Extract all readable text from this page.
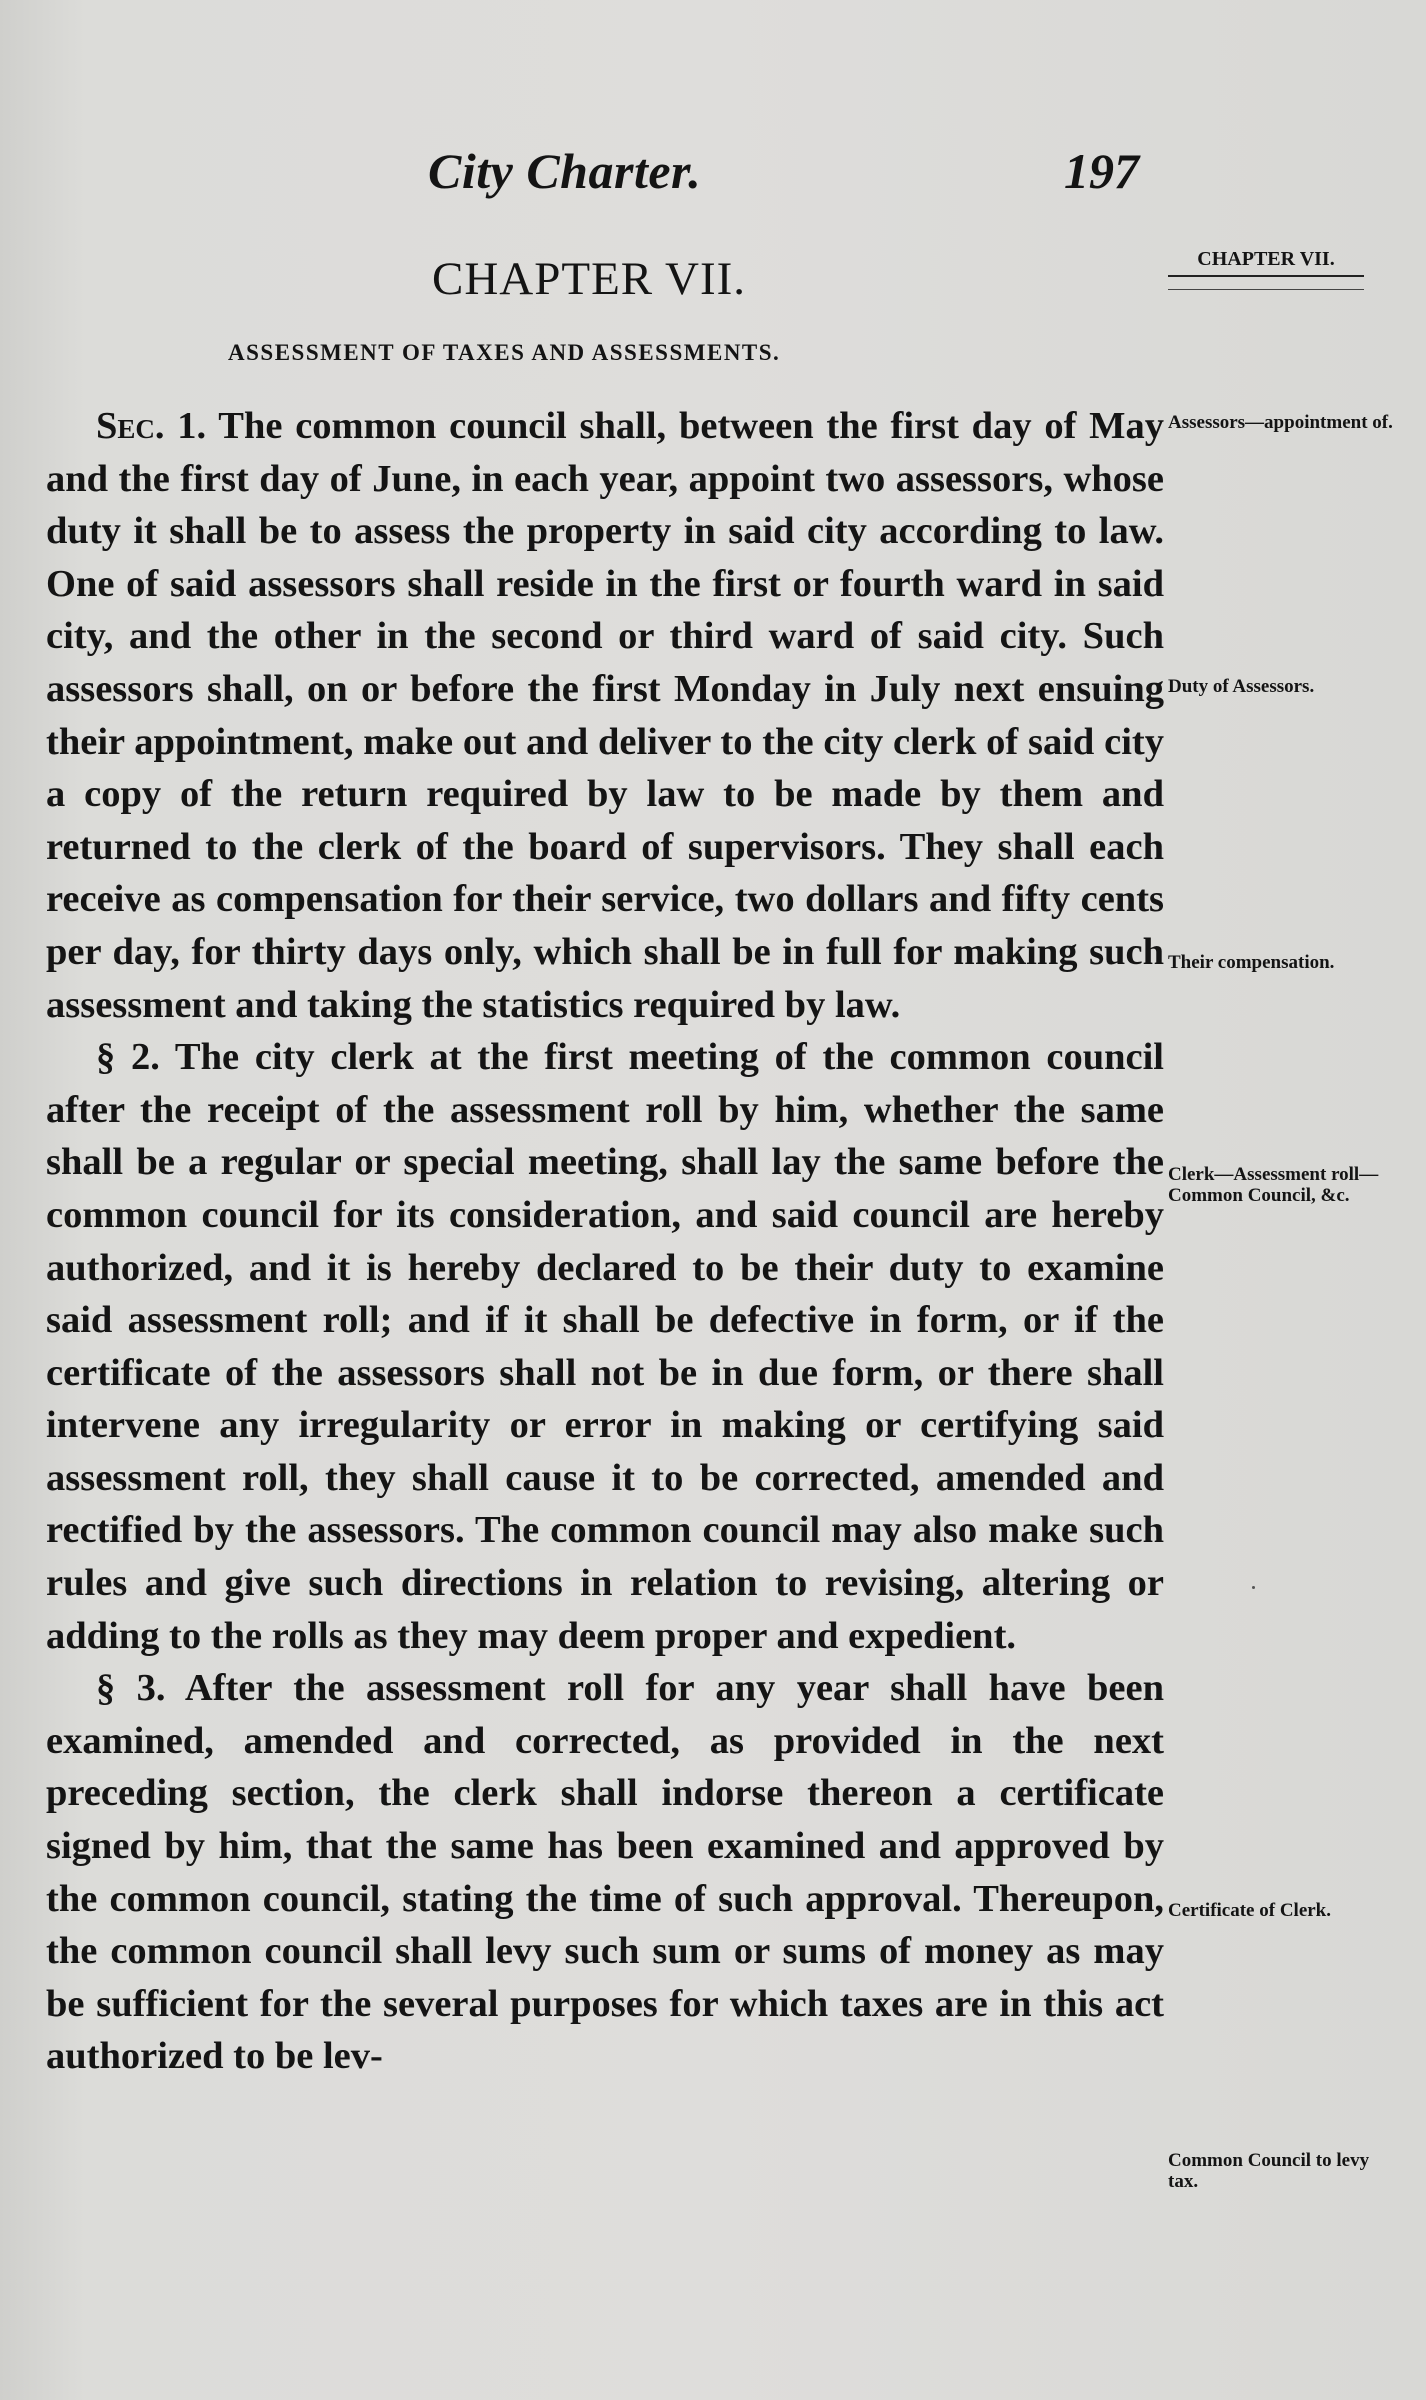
City Charter.	197
CHAPTER VII.	CHAPTER VII.
ASSESSMENT OF TAXES AND ASSESSMENTS.

Sec. 1. The common council shall, between the first day of May and the first day of June, in each year, appoint two assessors, whose duty it shall be to assess the property in said city according to law. One of said assessors shall reside in the first or fourth ward in said city, and the other in the second or third ward of said city. Such assessors shall, on or before the first Monday in July next ensuing their appointment, make out and deliver to the city clerk of said city a copy of the return required by law to be made by them and returned to the clerk of the board of supervisors. They shall each receive as compensation for their service, two dollars and fifty cents per day, for thirty days only, which shall be in full for making such assessment and taking the statistics required by law.

§ 2. The city clerk at the first meeting of the common council after the receipt of the assessment roll by him, whether the same shall be a regular or special meeting, shall lay the same before the common council for its consideration, and said council are hereby authorized, and it is hereby declared to be their duty to examine said assessment roll; and if it shall be defective in form, or if the certificate of the assessors shall not be in due form, or there shall intervene any irregularity or error in making or certifying said assessment roll, they shall cause it to be corrected, amended and rectified by the assessors. The common council may also make such rules and give such directions in relation to revising, altering or adding to the rolls as they may deem proper and expedient.

§ 3. After the assessment roll for any year shall have been examined, amended and corrected, as provided in the next preceding section, the clerk shall indorse thereon a certificate signed by him, that the same has been examined and approved by the common council, stating the time of such approval. Thereupon, the common council shall levy such sum or sums of money as may be sufficient for the several purposes for which taxes are in this act authorized to be lev-

Assessors—appointment of.
Duty of Assessors.
Their compensation.
Clerk—Assessment roll—Common Council, &c.
Certificate of Clerk.
Common Council to levy tax.
